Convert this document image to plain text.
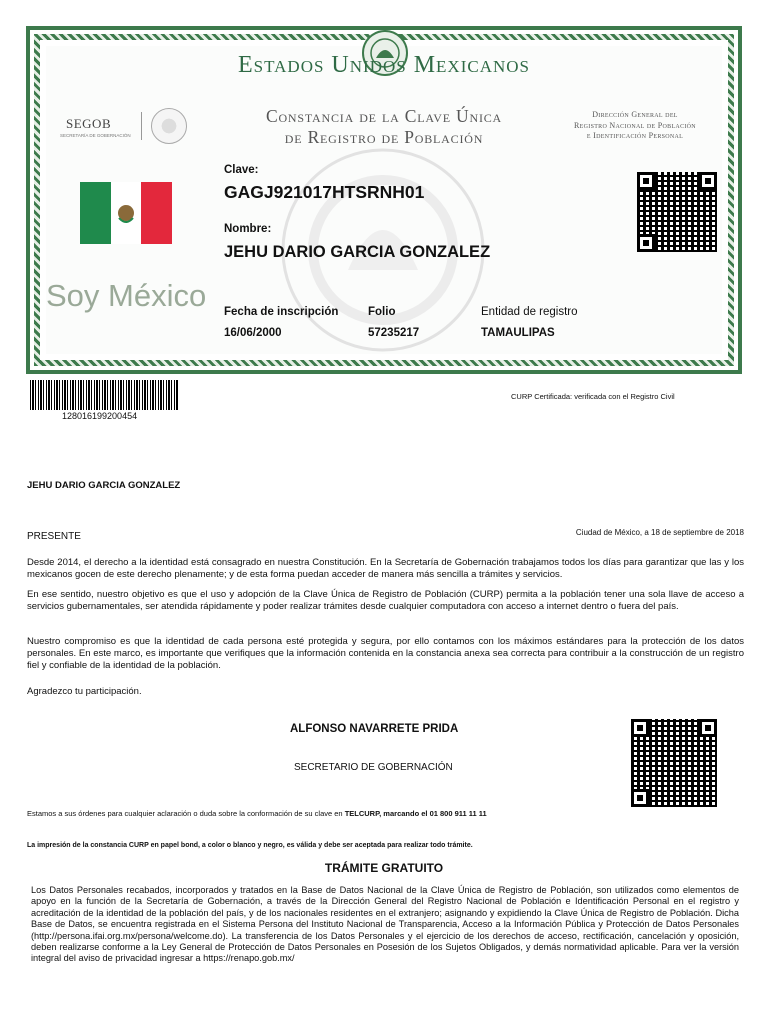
Estados Unidos Mexicanos
Constancia de la Clave Única
de Registro de Población
Dirección General del
Registro Nacional de Población
e Identificación Personal
SEGOB
SECRETARÍA DE GOBERNACIÓN
Soy México
Clave:
GAGJ921017HTSRNH01
Nombre:
JEHU DARIO GARCIA GONZALEZ
Fecha de inscripción
16/06/2000
Folio
57235217
Entidad de registro
TAMAULIPAS
128016199200454
CURP Certificada: verificada con el Registro Civil
JEHU DARIO GARCIA GONZALEZ
PRESENTE	Ciudad de México, a 18 de septiembre de 2018
Desde 2014, el derecho a la identidad está consagrado en nuestra Constitución. En la Secretaría de Gobernación trabajamos todos los días para garantizar que las y los mexicanos gocen de este derecho plenamente; y de esta forma puedan acceder de manera más sencilla a trámites y servicios.
En ese sentido, nuestro objetivo es que el uso y adopción de la Clave Única de Registro de Población (CURP) permita a la población tener una sola llave de acceso a servicios gubernamentales, ser atendida rápidamente y poder realizar trámites desde cualquier computadora con acceso a internet dentro o fuera del país.
Nuestro compromiso es que la identidad de cada persona esté protegida y segura, por ello contamos con los máximos estándares para la protección de los datos personales. En este marco, es importante que verifiques que la información contenida en la constancia anexa sea correcta para contribuir a la construcción de un registro fiel y confiable de la identidad de la población.
Agradezco tu participación.
ALFONSO NAVARRETE PRIDA
SECRETARIO DE GOBERNACIÓN
Estamos a sus órdenes para cualquier aclaración o duda sobre la conformación de su clave en TELCURP, marcando el 01 800 911 11 11
La impresión de la constancia CURP en papel bond, a color o blanco y negro, es válida y debe ser aceptada para realizar todo trámite.
TRÁMITE GRATUITO
Los Datos Personales recabados, incorporados y tratados en la Base de Datos Nacional de la Clave Única de Registro de Población, son utilizados como elementos de apoyo en la función de la Secretaría de Gobernación, a través de la Dirección General del Registro Nacional de Población e Identificación Personal en el registro y acreditación de la identidad de la población del país, y de los nacionales residentes en el extranjero; asignando y expidiendo la Clave Única de Registro de Población. Dicha Base de Datos, se encuentra registrada en el Sistema Persona del Instituto Nacional de Transparencia, Acceso a la Información Pública y Protección de Datos Personales (http://persona.ifai.org.mx/persona/welcome.do). La transferencia de los Datos Personales y el ejercicio de los derechos de acceso, rectificación, cancelación y oposición, deben realizarse conforme a la Ley General de Protección de Datos Personales en Posesión de los Sujetos Obligados, y demás normatividad aplicable. Para ver la versión integral del aviso de privacidad ingresar a https://renapo.gob.mx/
